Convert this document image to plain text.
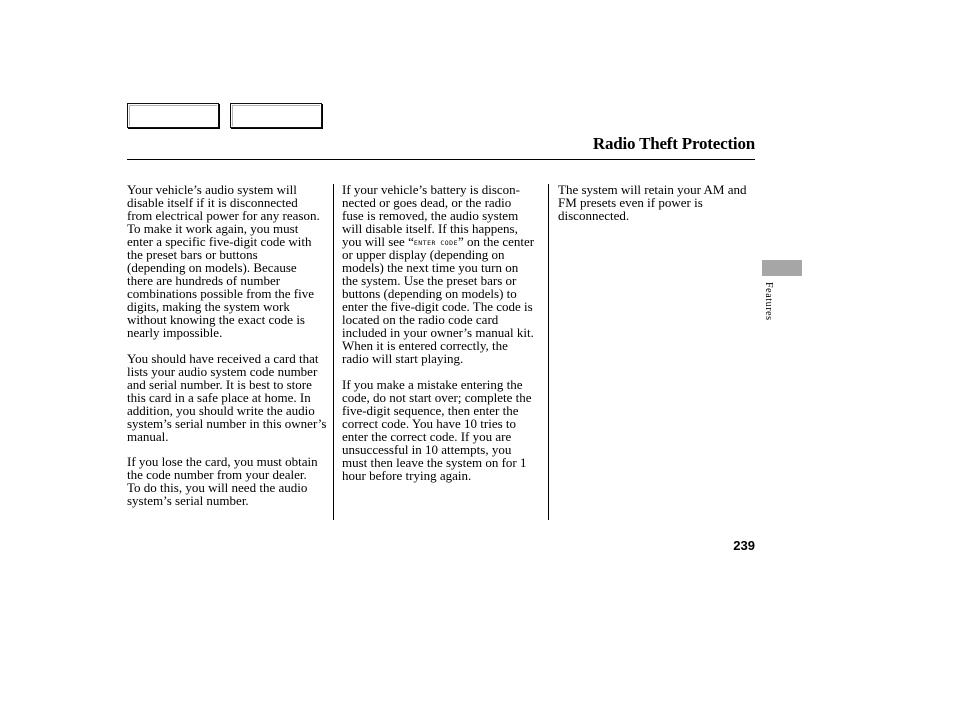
Radio Theft Protection
Your vehicle’s audio system will
disable itself if it is disconnected
from electrical power for any reason.
To make it work again, you must
enter a specific five-digit code with
the preset bars or buttons
(depending on models). Because
there are hundreds of number
combinations possible from the five
digits, making the system work
without knowing the exact code is
nearly impossible.
You should have received a card that
lists your audio system code number
and serial number. It is best to store
this card in a safe place at home. In
addition, you should write the audio
system’s serial number in this owner’s
manual.
If you lose the card, you must obtain
the code number from your dealer.
To do this, you will need the audio
system’s serial number.
If your vehicle’s battery is discon-
nected or goes dead, or the radio
fuse is removed, the audio system
will disable itself. If this happens,
you will see “ENTER CODE” on the center
or upper display (depending on
models) the next time you turn on
the system. Use the preset bars or
buttons (depending on models) to
enter the five-digit code. The code is
located on the radio code card
included in your owner’s manual kit.
When it is entered correctly, the
radio will start playing.
If you make a mistake entering the
code, do not start over; complete the
five-digit sequence, then enter the
correct code. You have 10 tries to
enter the correct code. If you are
unsuccessful in 10 attempts, you
must then leave the system on for 1
hour before trying again.
The system will retain your AM and
FM presets even if power is
disconnected.
Features
239
